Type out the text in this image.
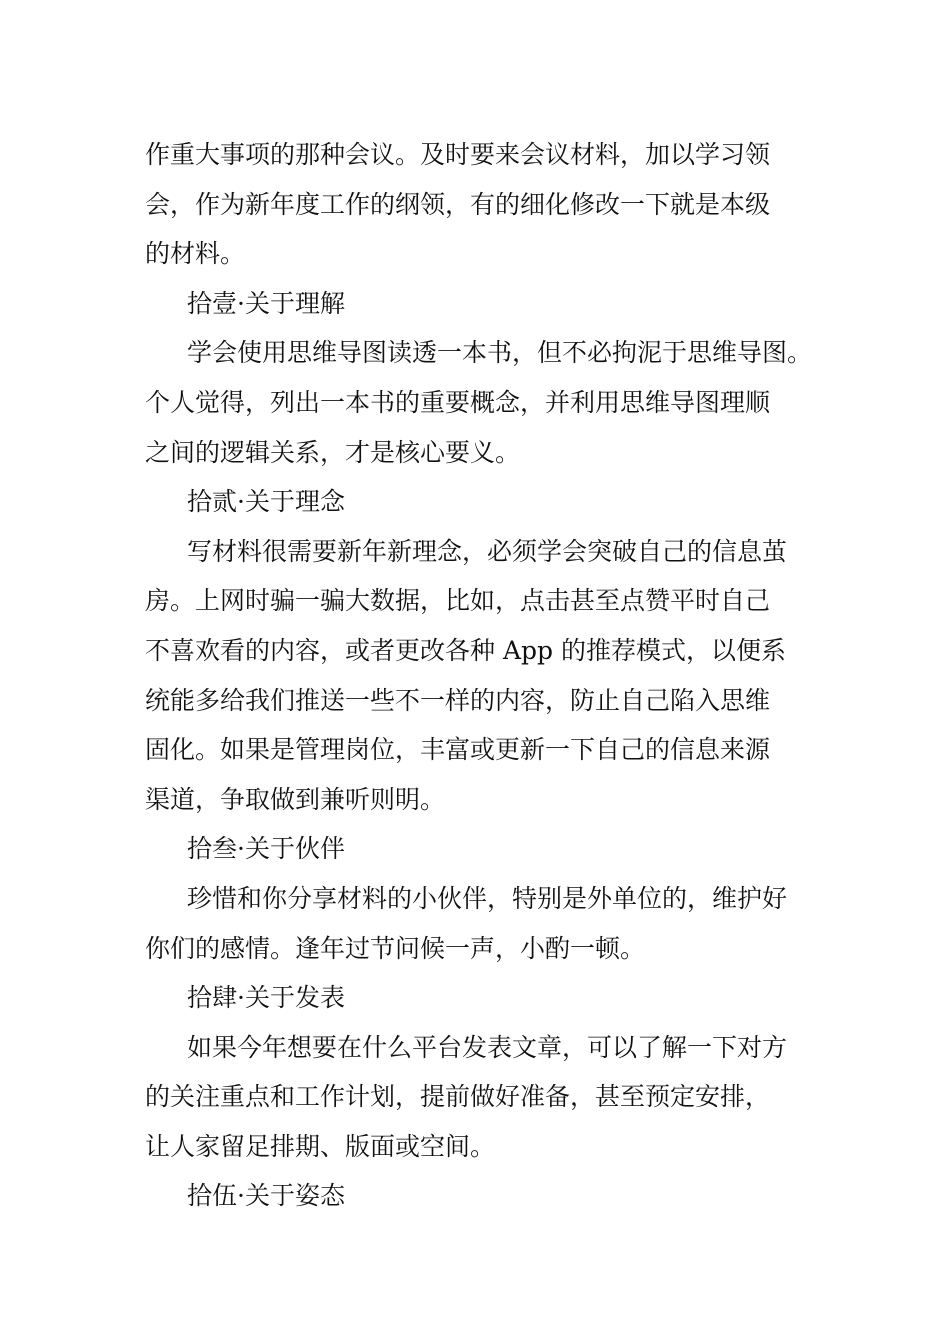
作重大事项的那种会议。及时要来会议材料，加以学习领
会，作为新年度工作的纲领，有的细化修改一下就是本级
的材料。
拾壹·关于理解
学会使用思维导图读透一本书，但不必拘泥于思维导图。
个人觉得，列出一本书的重要概念，并利用思维导图理顺
之间的逻辑关系，才是核心要义。
拾贰·关于理念
写材料很需要新年新理念，必须学会突破自己的信息茧
房。上网时骗一骗大数据，比如，点击甚至点赞平时自己
不喜欢看的内容，或者更改各种 App 的推荐模式，以便系
统能多给我们推送一些不一样的内容，防止自己陷入思维
固化。如果是管理岗位，丰富或更新一下自己的信息来源
渠道，争取做到兼听则明。
拾叁·关于伙伴
珍惜和你分享材料的小伙伴，特别是外单位的，维护好
你们的感情。逢年过节问候一声，小酌一顿。
拾肆·关于发表
如果今年想要在什么平台发表文章，可以了解一下对方
的关注重点和工作计划，提前做好准备，甚至预定安排，
让人家留足排期、版面或空间。
拾伍·关于姿态
